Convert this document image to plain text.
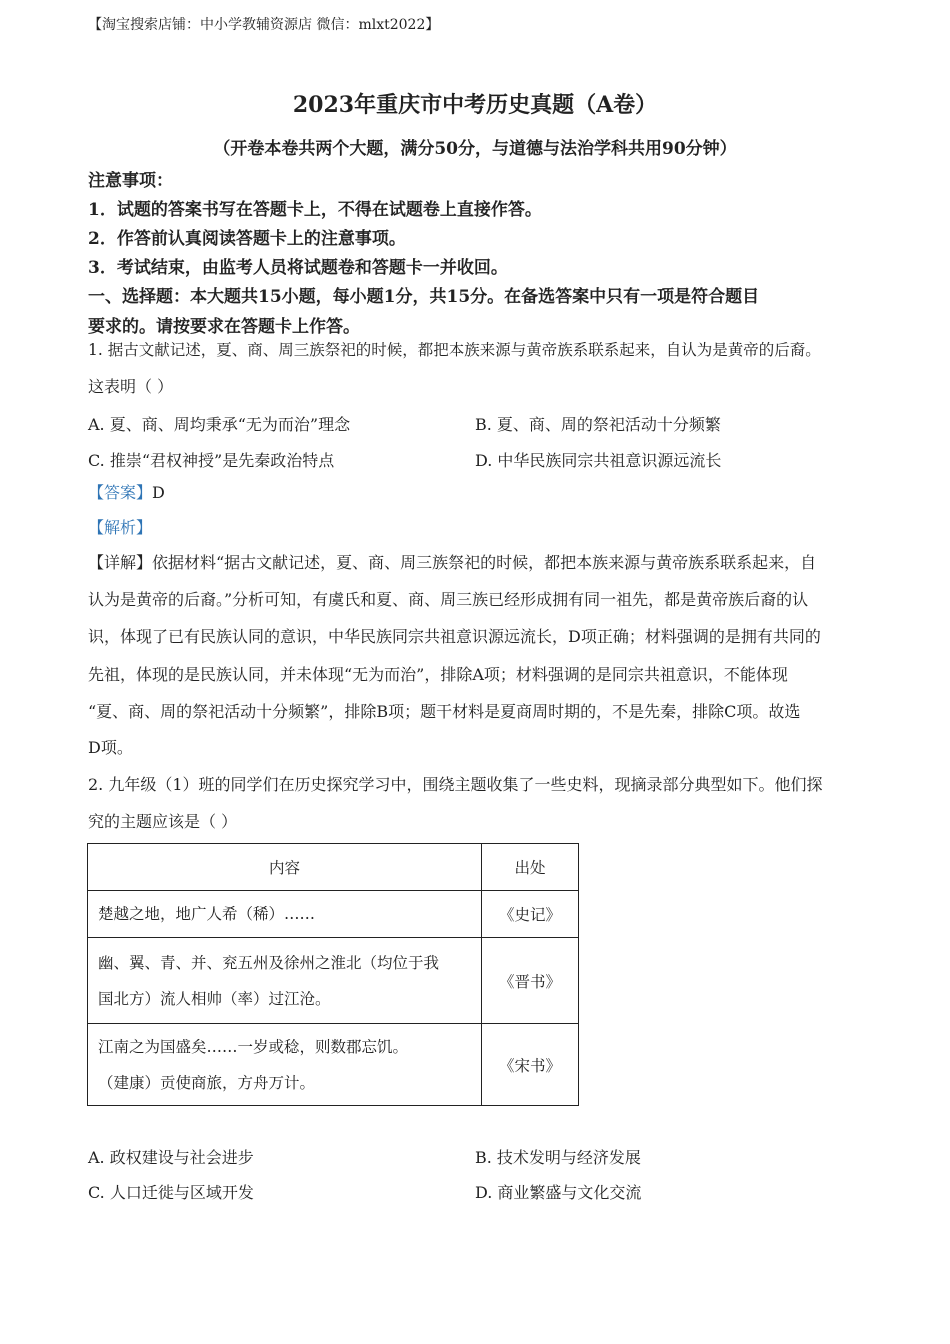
【淘宝搜索店铺：中小学教辅资源店 微信：mlxt2022】
2023年重庆市中考历史真题（A卷）
（开卷本卷共两个大题，满分50分，与道德与法治学科共用90分钟）
注意事项：
1．试题的答案书写在答题卡上，不得在试题卷上直接作答。
2．作答前认真阅读答题卡上的注意事项。
3．考试结束，由监考人员将试题卷和答题卡一并收回。
一、选择题：本大题共15小题，每小题1分，共15分。在备选答案中只有一项是符合题目
要求的。请按要求在答题卡上作答。
1. 据古文献记述，夏、商、周三族祭祀的时候，都把本族来源与黄帝族系联系起来，自认为是黄帝的后裔。
这表明（ ）
A. 夏、商、周均秉承“无为而治”理念	B. 夏、商、周的祭祀活动十分频繁
C. 推崇“君权神授”是先秦政治特点	D. 中华民族同宗共祖意识源远流长
【答案】D
【解析】
【详解】依据材料“据古文献记述，夏、商、周三族祭祀的时候，都把本族来源与黄帝族系联系起来，自
认为是黄帝的后裔。”分析可知，有虞氏和夏、商、周三族已经形成拥有同一祖先，都是黄帝族后裔的认
识，体现了已有民族认同的意识，中华民族同宗共祖意识源远流长，D项正确；材料强调的是拥有共同的
先祖，体现的是民族认同，并未体现“无为而治”，排除A项；材料强调的是同宗共祖意识，不能体现
“夏、商、周的祭祀活动十分频繁”，排除B项；题干材料是夏商周时期的，不是先秦，排除C项。故选
D项。
2. 九年级（1）班的同学们在历史探究学习中，围绕主题收集了一些史料，现摘录部分典型如下。他们探
究的主题应该是（ ）
内容	出处

楚越之地，地广人希（稀）……	《史记》

幽、翼、青、并、兖五州及徐州之淮北（均位于我
国北方）流人相帅（率）过江沧。	《晋书》

江南之为国盛矣……一岁或稔，则数郡忘饥。
（建康）贡使商旅，方舟万计。	《宋书》
A. 政权建设与社会进步	B. 技术发明与经济发展
C. 人口迁徙与区域开发	D. 商业繁盛与文化交流
